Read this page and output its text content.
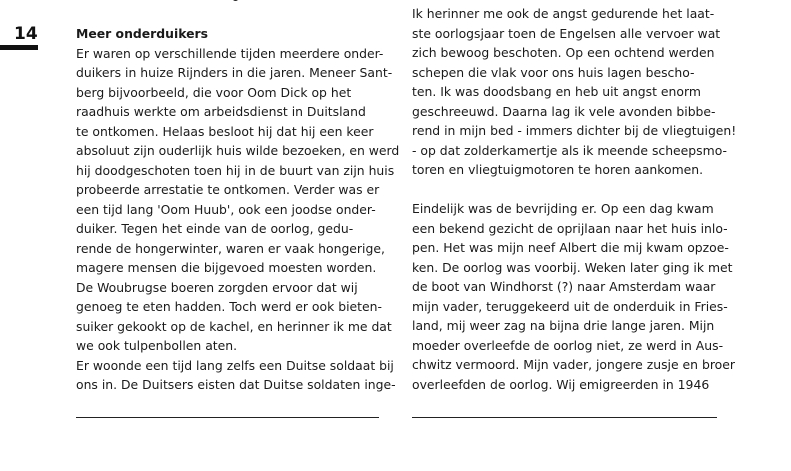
14	Meer onderduikers
Er waren op verschillende tijden meerdere onder-
duikers in huize Rijnders in die jaren. Meneer Sant-
berg bijvoorbeeld, die voor Oom Dick op het
raadhuis werkte om arbeidsdienst in Duitsland
te ontkomen. Helaas besloot hij dat hij een keer
absoluut zijn ouderlijk huis wilde bezoeken, en werd
hij doodgeschoten toen hij in de buurt van zijn huis
probeerde arrestatie te ontkomen. Verder was er
een tijd lang 'Oom Huub', ook een joodse onder-
duiker. Tegen het einde van de oorlog, gedu-
rende de hongerwinter, waren er vaak hongerige,
magere mensen die bijgevoed moesten worden.
De Woubrugse boeren zorgden ervoor dat wij
genoeg te eten hadden. Toch werd er ook bieten-
suiker gekookt op de kachel, en herinner ik me dat
we ook tulpenbollen aten.
Er woonde een tijd lang zelfs een Duitse soldaat bij
ons in. De Duitsers eisten dat Duitse soldaten inge-
Ik herinner me ook de angst gedurende het laat-
ste oorlogsjaar toen de Engelsen alle vervoer wat
zich bewoog beschoten. Op een ochtend werden
schepen die vlak voor ons huis lagen bescho-
ten. Ik was doodsbang en heb uit angst enorm
geschreeuwd. Daarna lag ik vele avonden bibbe-
rend in mijn bed - immers dichter bij de vliegtuigen!
- op dat zolderkamertje als ik meende scheepsmo-
toren en vliegtuigmotoren te horen aankomen.
Eindelijk was de bevrijding er. Op een dag kwam
een bekend gezicht de oprijlaan naar het huis inlo-
pen. Het was mijn neef Albert die mij kwam opzoe-
ken. De oorlog was voorbij. Weken later ging ik met
de boot van Windhorst (?) naar Amsterdam waar
mijn vader, teruggekeerd uit de onderduik in Fries-
land, mij weer zag na bijna drie lange jaren. Mijn
moeder overleefde de oorlog niet, ze werd in Aus-
chwitz vermoord. Mijn vader, jongere zusje en broer
overleefden de oorlog. Wij emigreerden in 1946
